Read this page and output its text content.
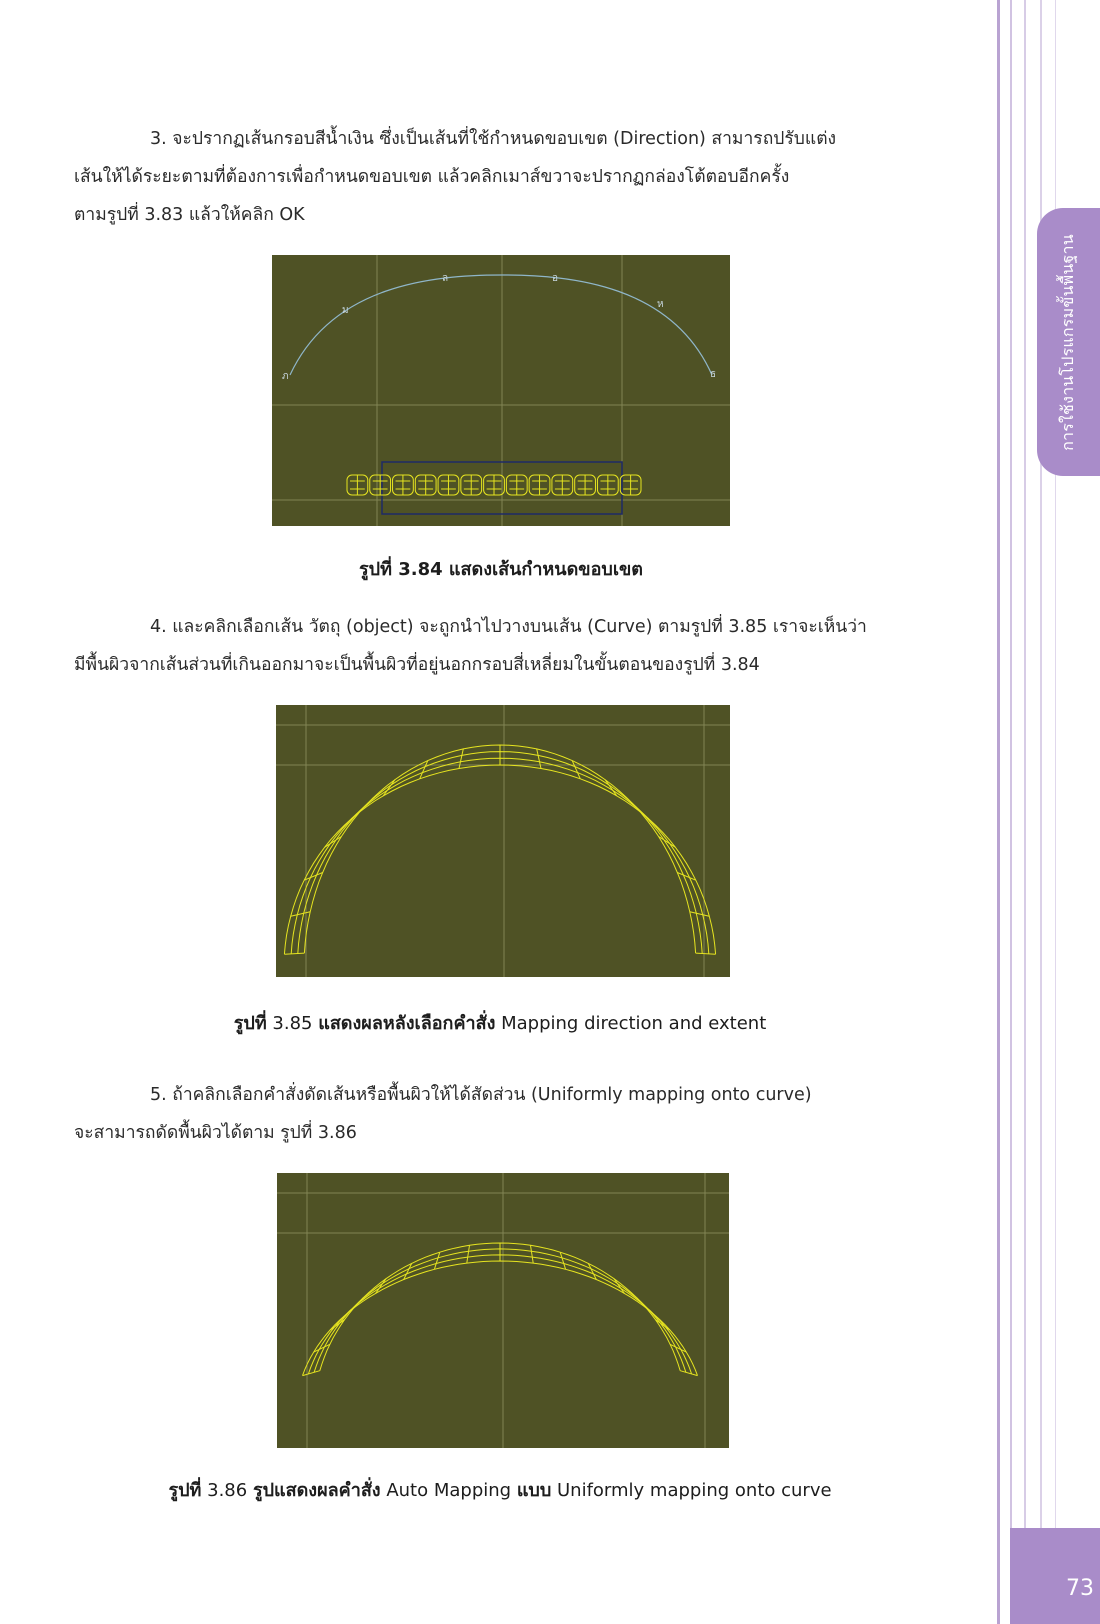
การใช้งานโปรแกรมขั้นพื้นฐาน
3. จะปรากฏเส้นกรอบสีน้ำเงิน ซึ่งเป็นเส้นที่ใช้กำหนดขอบเขต (Direction) สามารถปรับแต่ง
เส้นให้ได้ระยะตามที่ต้องการเพื่อกำหนดขอบเขต แล้วคลิกเมาส์ขวาจะปรากฏกล่องโต้ตอบอีกครั้ง
ตามรูปที่ 3.83 แล้วให้คลิก OK
ภ
ม
ล	อ
ห
ธ
รูปที่ 3.84 แสดงเส้นกำหนดขอบเขต
4. และคลิกเลือกเส้น วัตถุ (object) จะถูกนำไปวางบนเส้น (Curve) ตามรูปที่ 3.85 เราจะเห็นว่า
มีพื้นผิวจากเส้นส่วนที่เกินออกมาจะเป็นพื้นผิวที่อยู่นอกกรอบสี่เหลี่ยมในขั้นตอนของรูปที่ 3.84
รูปที่ 3.85 แสดงผลหลังเลือกคำสั่ง Mapping direction and extent
5. ถ้าคลิกเลือกคำสั่งดัดเส้นหรือพื้นผิวให้ได้สัดส่วน (Uniformly mapping onto curve)
จะสามารถดัดพื้นผิวได้ตาม รูปที่ 3.86
รูปที่ 3.86 รูปแสดงผลคำสั่ง Auto Mapping แบบ Uniformly mapping onto curve
73
